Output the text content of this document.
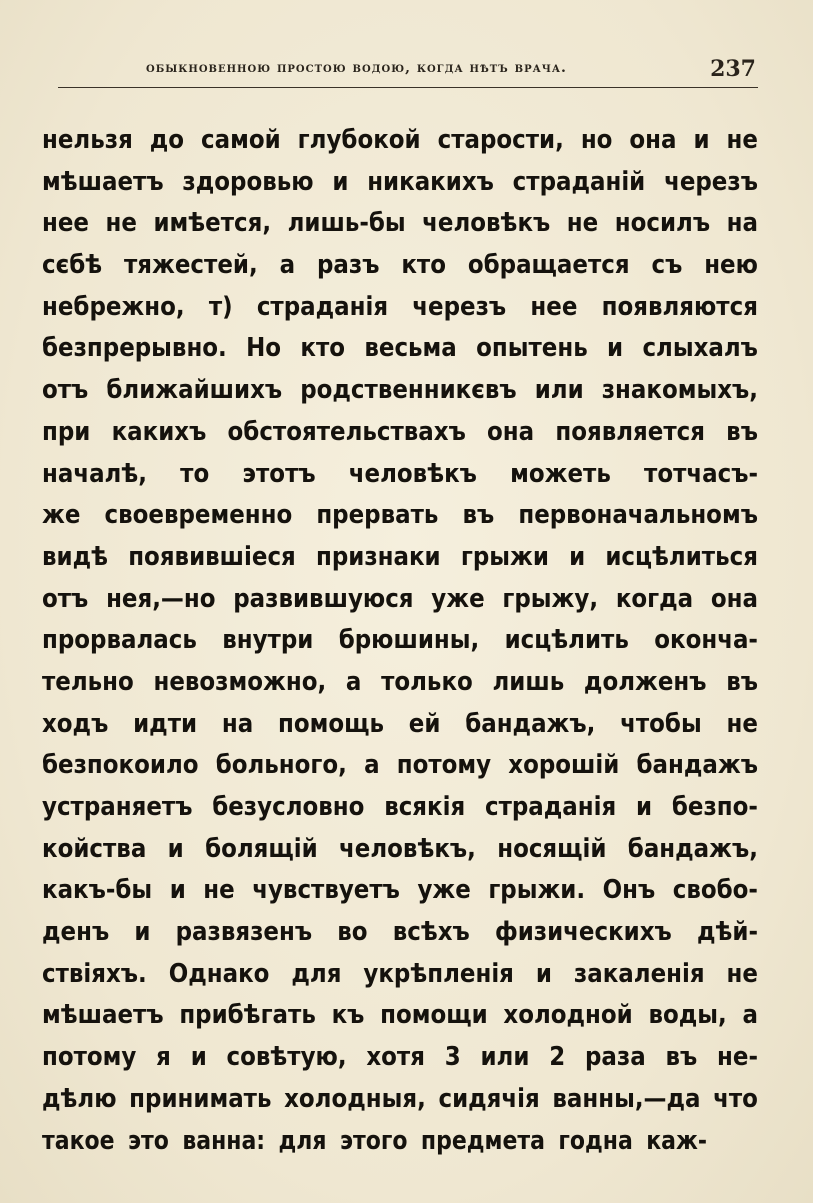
обыкновенною простою водою, когда нѣтъ врача.	237
нельзя до самой глубокой старости, но она и не
мѣшаетъ здоровью и никакихъ страданій черезъ
нее не имѣется, лишь-бы человѣкъ не носилъ на
сєбѣ тяжестей, а разъ кто обращается съ нею
небрежно, т) страданія черезъ нее появляются
безпрерывно. Но кто весьма опытень и слыхалъ
отъ ближайшихъ родственникєвъ или знакомыхъ,
при какихъ обстоятельствахъ она появляется въ
началѣ, то этотъ человѣкъ можеть тотчасъ-
же своевременно прервать въ первоначальномъ
видѣ появившіеся признаки грыжи и исцѣлиться
отъ нея,—но развившуюся уже грыжу, когда она
прорвалась внутри брюшины, исцѣлить оконча-
тельно невозможно, а только лишь долженъ въ
ходъ идти на помощь ей бандажъ, чтобы не
безпокоило больного, а потому хорошій бандажъ
устраняетъ безусловно всякія страданія и безпо-
койства и болящій человѣкъ, носящій бандажъ,
какъ-бы и не чувствуетъ уже грыжи. Онъ свобо-
денъ и развязенъ во всѣхъ физическихъ дѣй-
ствіяхъ. Однако для укрѣпленія и закаленія не
мѣшаетъ прибѣгать къ помощи холодной воды, а
потому я и совѣтую, хотя 3 или 2 раза въ не-
дѣлю принимать холодныя, сидячія ванны,—да что
такое это ванна: для этого предмета годна каж-
